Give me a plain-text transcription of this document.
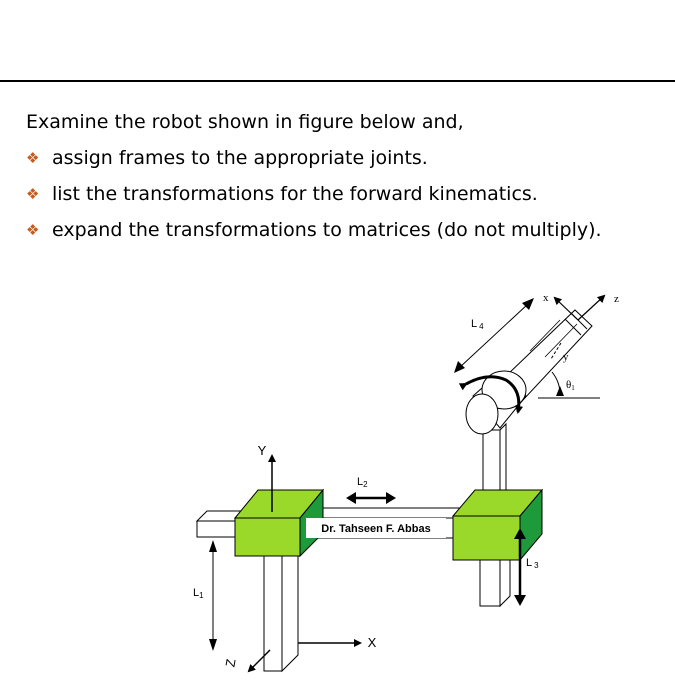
Examine the robot shown in figure below and,
❖ assign frames to the appropriate joints.
❖ list the transformations for the forward kinematics.
❖ expand the transformations to matrices (do not multiply).
Dr. Tahseen F. Abbas
Y
X
Z
L1
L2
L 3
L 4
x	z
y
θ1
